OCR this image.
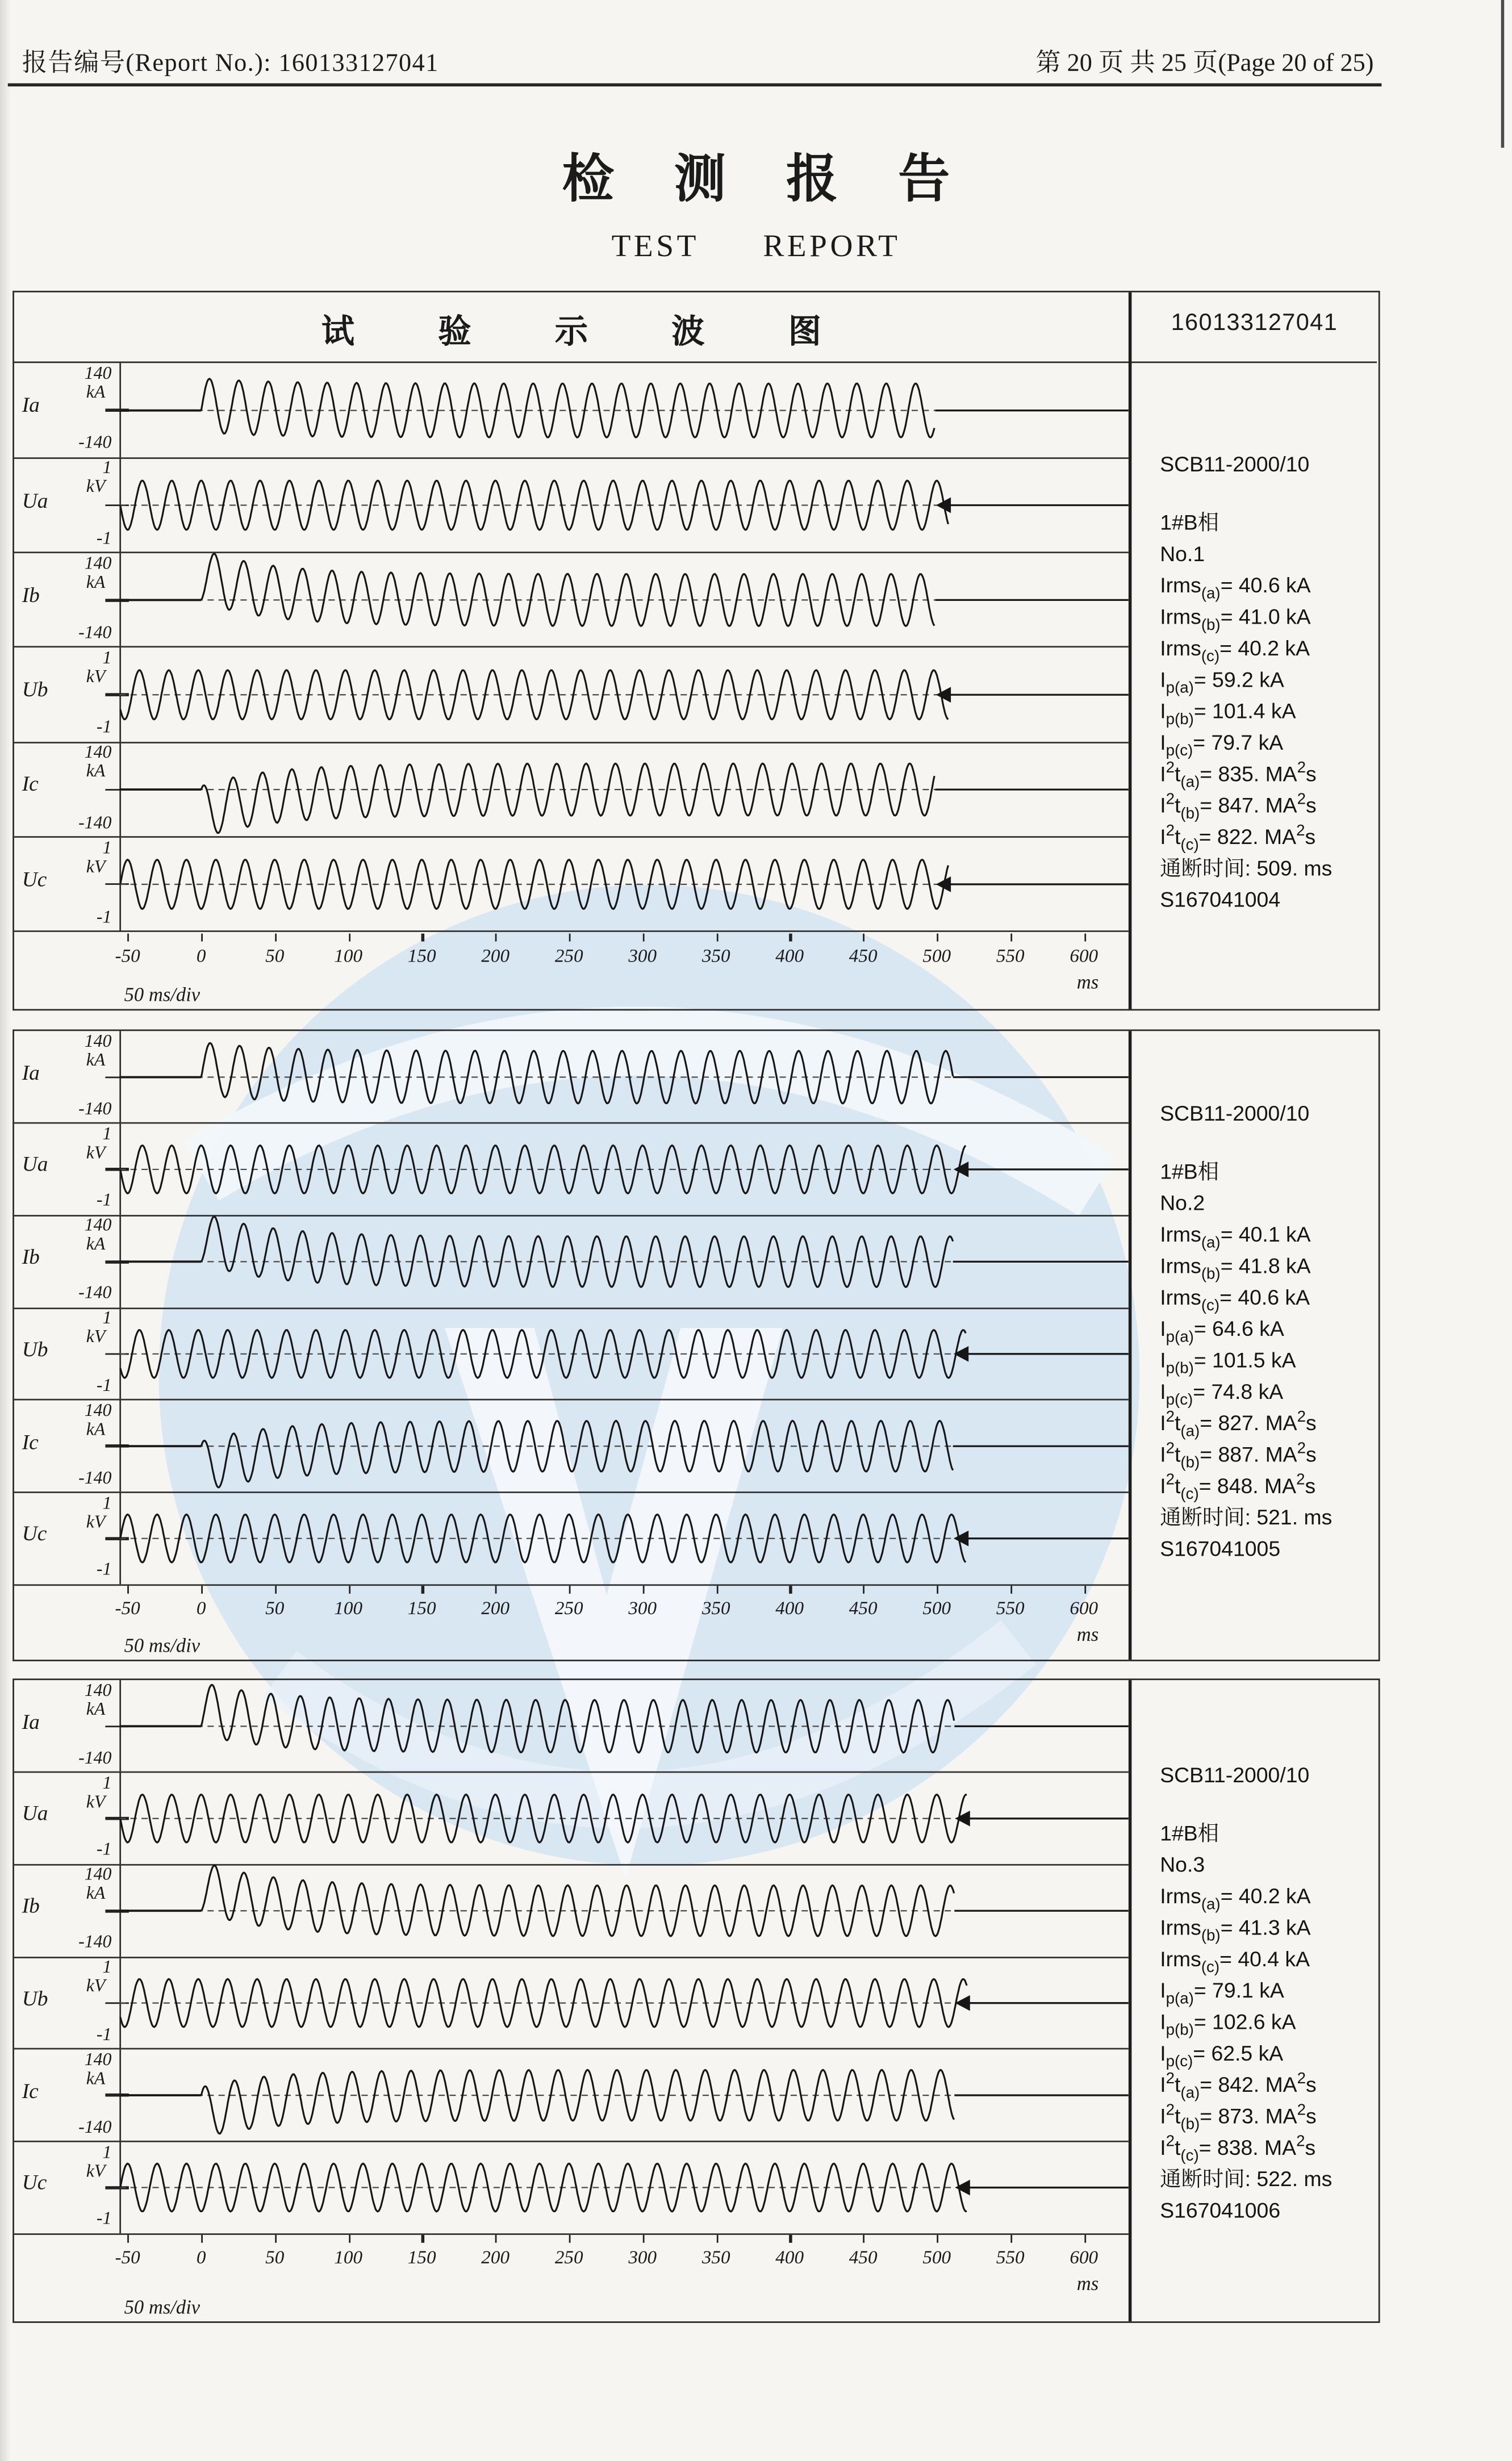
报告编号(Report No.): 160133127041	第 20 页 共 25 页(Page 20 of 25)
检 测 报 告
TEST REPORT
试 验 示 波 图	160133127041
Ia
140
kA
-140
Ua
1
kV
-1
Ib
140
kA
-140
Ub
1
kV
-1
Ic
140
kA
-140
Uc
1
kV
-1
-50	0	50	100	150	200	250	300	350	400	450	500	550	600
ms
50 ms/div
SCB11-2000/10
1#B相
No.1
Irms$_{(a)}$= 40.6 kA
Irms$_{(b)}$= 41.0 kA
Irms$_{(c)}$= 40.2 kA
$I_{p(a)}= 59.2$ kA
$I_{p(b)}= 101.4$ kA
$I_{p(c)}= 79.7$ kA
$I^2t_{(a)}= 835$. $MA^2s$
$I^2t_{(b)}= 847$. $MA^2s$
$I^2t_{(c)}= 822$. $MA^2s$
通断时间: 509. ms
S167041004
Ia
140
kA
-140
Ua
1
kV
-1
Ib
140
kA
-140
Ub
1
kV
-1
Ic
140
kA
-140
Uc
1
kV
-1
-50	0	50	100	150	200	250	300	350	400	450	500	550	600
ms
50 ms/div
SCB11-2000/10
1#B相
No.2
Irms$_{(a)}$= 40.1 kA
Irms$_{(b)}$= 41.8 kA
Irms$_{(c)}$= 40.6 kA
$I_{p(a)}= 64.6$ kA
$I_{p(b)}= 101.5$ kA
$I_{p(c)}= 74.8$ kA
$I^2t_{(a)}= 827$. $MA^2s$
$I^2t_{(b)}= 887$. $MA^2s$
$I^2t_{(c)}= 848$. $MA^2s$
通断时间: 521. ms
S167041005
Ia
140
kA
-140
Ua
1
kV
-1
Ib
140
kA
-140
Ub
1
kV
-1
Ic
140
kA
-140
Uc
1
kV
-1
-50	0	50	100	150	200	250	300	350	400	450	500	550	600
ms
50 ms/div
SCB11-2000/10
1#B相
No.3
Irms$_{(a)}$= 40.2 kA
Irms$_{(b)}$= 41.3 kA
Irms$_{(c)}$= 40.4 kA
$I_{p(a)}= 79.1$ kA
$I_{p(b)}= 102.6$ kA
$I_{p(c)}= 62.5$ kA
$I^2t_{(a)}= 842$. $MA^2s$
$I^2t_{(b)}= 873$. $MA^2s$
$I^2t_{(c)}= 838$. $MA^2s$
通断时间: 522. ms
S167041006
